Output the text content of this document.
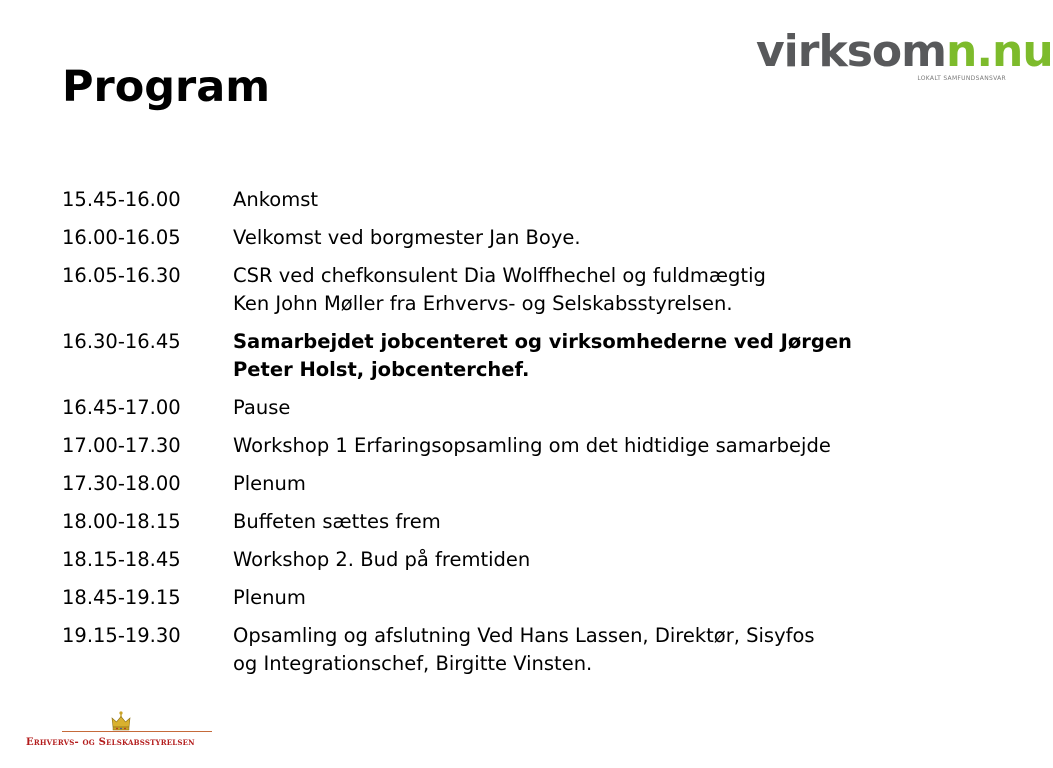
Program
virksomn.nu
LOKALT SAMFUNDSANSVAR
15.45-16.00	Ankomst
16.00-16.05	Velkomst ved borgmester Jan Boye.
16.05-16.30	CSR ved chefkonsulent Dia Wolffhechel og fuldmægtig
Ken John Møller fra Erhvervs- og Selskabsstyrelsen.
16.30-16.45	Samarbejdet jobcenteret og virksomhederne ved Jørgen
Peter Holst, jobcenterchef.
16.45-17.00	Pause
17.00-17.30	Workshop 1 Erfaringsopsamling om det hidtidige samarbejde
17.30-18.00	Plenum
18.00-18.15	Buffeten sættes frem
18.15-18.45	Workshop 2. Bud på fremtiden
18.45-19.15	Plenum
19.15-19.30	Opsamling og afslutning Ved Hans Lassen, Direktør, Sisyfos
og Integrationschef, Birgitte Vinsten.
Erhvervs- og Selskabsstyrelsen
